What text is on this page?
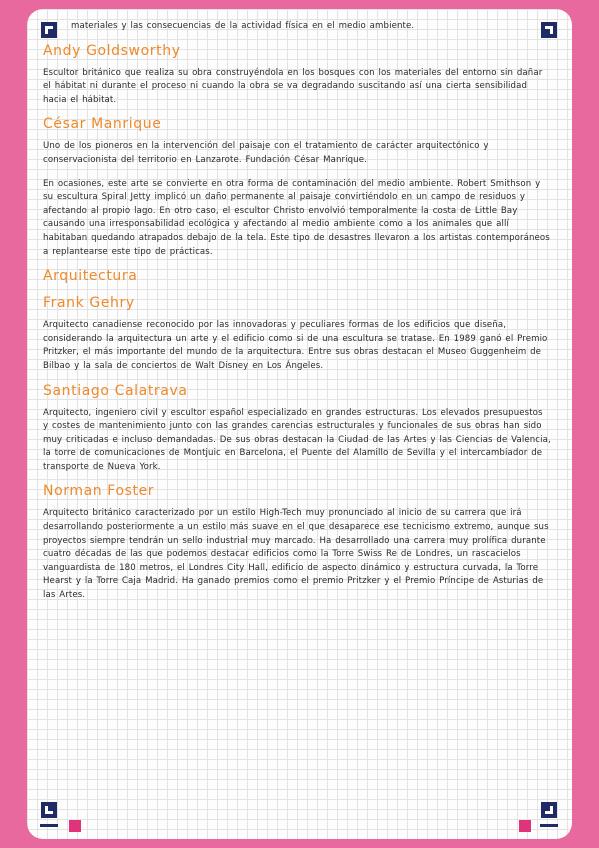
materiales y las consecuencias de la actividad física en el medio ambiente.

Andy Goldsworthy

Escultor británico que realiza su obra construyéndola en los bosques con los materiales del entorno sin dañar el hábitat ni durante el proceso ni cuando la obra se va degradando suscitando así una cierta sensibilidad hacia el hábitat.

César Manrique

Uno de los pioneros en la intervención del paisaje con el tratamiento de carácter arquitectónico y conservacionista del territorio en Lanzarote. Fundación César Manrique.

En ocasiones, este arte se convierte en otra forma de contaminación del medio ambiente. Robert Smithson y su escultura Spiral Jetty implicó un daño permanente al paisaje convirtiéndolo en un campo de residuos y afectando al propio lago. En otro caso, el escultor Christo envolvió temporalmente la costa de Little Bay causando una irresponsabilidad ecológica y afectando al medio ambiente como a los animales que allí habitaban quedando atrapados debajo de la tela. Este tipo de desastres llevaron a los artistas contemporáneos a replantearse este tipo de prácticas.

Arquitectura
Frank Gehry

Arquitecto canadiense reconocido por las innovadoras y peculiares formas de los edificios que diseña, considerando la arquitectura un arte y el edificio como si de una escultura se tratase. En 1989 ganó el Premio Pritzker, el más importante del mundo de la arquitectura. Entre sus obras destacan el Museo Guggenheim de Bilbao y la sala de conciertos de Walt Disney en Los Ángeles.

Santiago Calatrava

Arquitecto, ingeniero civil y escultor español especializado en grandes estructuras. Los elevados presupuestos y costes de mantenimiento junto con las grandes carencias estructurales y funcionales de sus obras han sido muy criticadas e incluso demandadas. De sus obras destacan la Ciudad de las Artes y las Ciencias de Valencia, la torre de comunicaciones de Montjuic en Barcelona, el Puente del Alamillo de Sevilla y el intercambiador de transporte de Nueva York.

Norman Foster

Arquitecto británico caracterizado por un estilo High-Tech muy pronunciado al inicio de su carrera que irá desarrollando posteriormente a un estilo más suave en el que desaparece ese tecnicismo extremo, aunque sus proyectos siempre tendrán un sello industrial muy marcado. Ha desarrollado una carrera muy prolífica durante cuatro décadas de las que podemos destacar edificios como la Torre Swiss Re de Londres, un rascacielos vanguardista de 180 metros, el Londres City Hall, edificio de aspecto dinámico y estructura curvada, la Torre Hearst y la Torre Caja Madrid. Ha ganado premios como el premio Pritzker y el Premio Príncipe de Asturias de las Artes.
